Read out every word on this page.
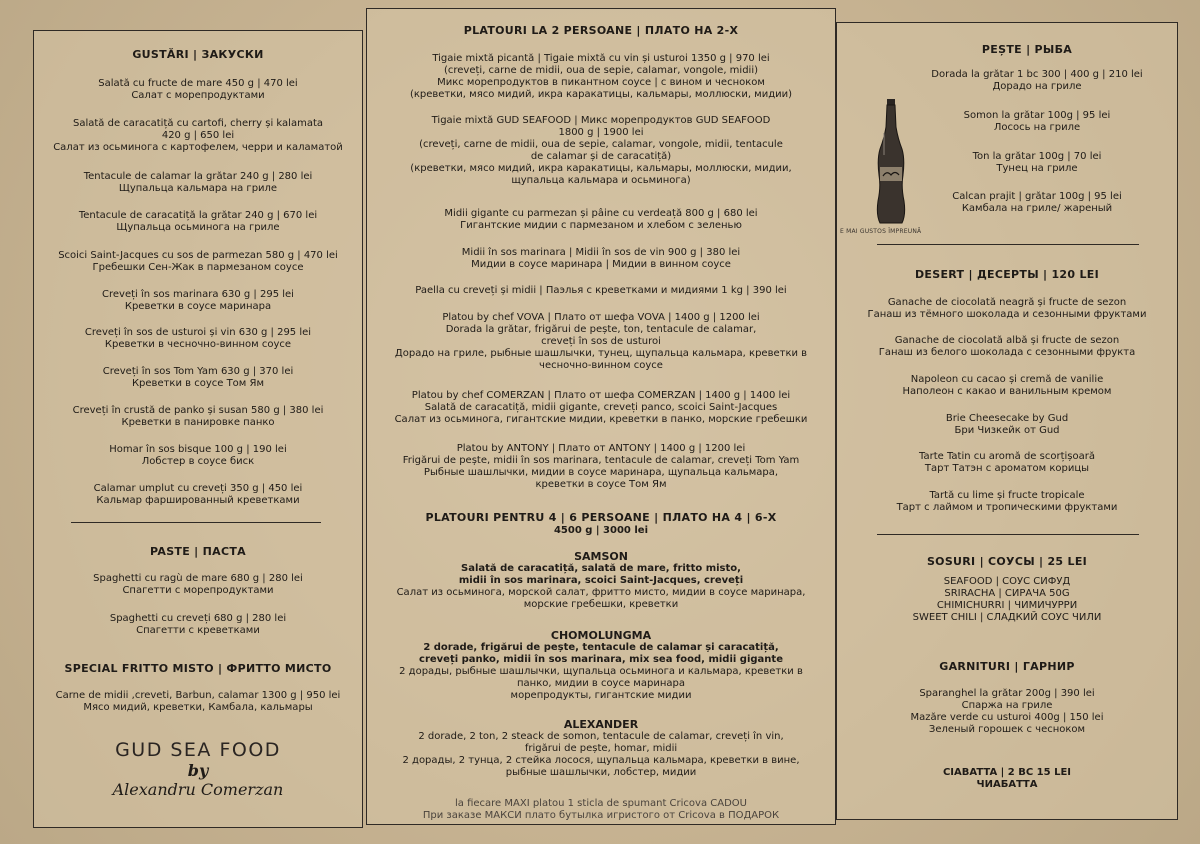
GUSTĂRI | ЗАКУСКИ

Salată cu fructe de mare 450 g | 470 lei
Салат с морепродуктами

Salată de caracatiță cu cartofi, cherry și kalamata
420 g | 650 lei
Салат из осьминога с картофелем, черри и каламатой

Tentacule de calamar la grătar 240 g | 280 lei
Щупальца кальмара на гриле

Tentacule de caracatiță la grătar 240 g | 670 lei
Щупальца осьминога на гриле

Scoici Saint-Jacques cu sos de parmezan 580 g | 470 lei
Гребешки Сен-Жак в пармезаном соусе

Creveți în sos marinara 630 g | 295 lei
Креветки в соусе маринара

Creveți în sos de usturoi și vin 630 g | 295 lei
Креветки в чесночно-винном соусе

Creveți în sos Tom Yam 630 g | 370 lei
Креветки в соусе Том Ям

Creveți în crustă de panko și susan 580 g | 380 lei
Креветки в панировке панко

Homar în sos bisque 100 g | 190 lei
Лобстер в соусе биск

Calamar umplut cu creveți 350 g | 450 lei
Кальмар фаршированный креветками

PASTE | ПАСТА

Spaghetti cu ragù de mare 680 g | 280 lei
Спагетти с морепродуктами

Spaghetti cu creveți 680 g | 280 lei
Спагетти с креветками

SPECIAL FRITTO MISTO | ФРИТТО МИСТО

Carne de midii ,creveti, Barbun, calamar 1300 g | 950 lei
Мясо мидий, креветки, Камбала, кальмары

GUD SEA FOOD
by
Alexandru Comerzan

PLATOURI LA 2 PERSOANE | ПЛАТО НА 2-Х

Tigaie mixtă picantă | Tigaie mixtă cu vin și usturoi 1350 g | 970 lei
(creveți, carne de midii, oua de sepie, calamar, vongole, midii)
Микс морепродуктов в пикантном соусе | с вином и чесноком
(креветки, мясо мидий, икра каракатицы, кальмары, моллюски, мидии)

Tigaie mixtă GUD SEAFOOD | Микс морепродуктов GUD SEAFOOD
1800 g | 1900 lei
(creveți, carne de midii, oua de sepie, calamar, vongole, midii, tentacule
de calamar și de caracatiță)
(креветки, мясо мидий, икра каракатицы, кальмары, моллюски, мидии,
щупальца кальмара и осьминога)

Midii gigante cu parmezan și pâine cu verdeață 800 g | 680 lei
Гигантские мидии с пармезаном и хлебом с зеленью

Midii în sos marinara | Midii în sos de vin 900 g | 380 lei
Мидии в соусе маринара | Мидии в винном соусе

Paella cu creveți și midii | Паэлья с креветками и мидиями 1 kg | 390 lei

Platou by chef VOVA | Плато от шефа VOVA | 1400 g | 1200 lei
Dorada la grătar, frigărui de pește, ton, tentacule de calamar,
creveți în sos de usturoi
Дорадо на гриле, рыбные шашлычки, тунец, щупальца кальмара, креветки в
чесночно-винном соусе

Platou by chef COMERZAN | Плато от шефа COMERZAN | 1400 g | 1400 lei
Salată de caracatiță, midii gigante, creveți panco, scoici Saint-Jacques
Салат из осьминога, гигантские мидии, креветки в панко, морские гребешки

Platou by ANTONY | Плато от ANTONY | 1400 g | 1200 lei
Frigărui de pește, midii în sos marinara, tentacule de calamar, creveți Tom Yam
Рыбные шашлычки, мидии в соусе маринара, щупальца кальмара,
креветки в соусе Том Ям

PLATOURI PENTRU 4 | 6 PERSOANE | ПЛАТО НА 4 | 6-Х

4500 g | 3000 lei

SAMSON

Salată de caracatiță, salată de mare, fritto misto,
midii în sos marinara, scoici Saint-Jacques, creveți
Салат из осьминога, морской салат, фритто мисто, мидии в соусе маринара,
морские гребешки, креветки

CHOMOLUNGMA

2 dorade, frigărui de pește, tentacule de calamar și caracatiță,
creveți panko, midii în sos marinara, mix sea food, midii gigante
2 дорады, рыбные шашлычки, щупальца осьминога и кальмара, креветки в
панко, мидии в соусе маринара
морепродукты, гигантские мидии

ALEXANDER

2 dorade, 2 ton, 2 steack de somon, tentacule de calamar, creveți în vin,
frigărui de pește, homar, midii
2 дорады, 2 тунца, 2 стейка лосося, щупальца кальмара, креветки в вине,
рыбные шашлычки, лобстер, мидии

la fiecare MAXI platou 1 sticla de spumant Cricova CADOU
При заказе МАКСИ плато бутылка игристого от Cricova в ПОДАРОК

PEȘTE | РЫБА

Dorada la grătar 1 bc 300 | 400 g | 210 lei
Дорадо на гриле

Somon la grătar 100g | 95 lei
Лосось на гриле

Ton la grătar 100g | 70 lei
Тунец на гриле

Calcan prajit | grătar 100g | 95 lei
Камбала на гриле/ жареный

DESERT | ДЕСЕРТЫ | 120 LEI

Ganache de ciocolată neagră și fructe de sezon
Ганаш из тёмного шоколада и сезонными фруктами

Ganache de ciocolată albă și fructe de sezon
Ганаш из белого шоколада с сезонными фрукта

Napoleon cu cacao și cremă de vanilie
Наполеон с какао и ванильным кремом

Brie Cheesecake by Gud
Бри Чизкейк от Gud

Tarte Tatin cu aromă de scorțișoară
Тарт Татэн с ароматом корицы

Tartă cu lime și fructe tropicale
Тарт с лаймом и тропическими фруктами

SOSURI | СОУСЫ | 25 LEI

SEAFOOD | СОУС СИФУД
SRIRACHA | СИРАЧА 50G
CHIMICHURRI | ЧИМИЧУРРИ
SWEET CHILI | СЛАДКИЙ СОУС ЧИЛИ

GARNITURI | ГАРНИР

Sparanghel la grătar 200g | 390 lei
Спаржа на гриле
Mazăre verde cu usturoi 400g | 150 lei
Зеленый горошек с чесноком

CIABATTA | 2 BC 15 LEI
ЧИАБАТТА

E MAI GUSTOS ÎMPREUNĂ
